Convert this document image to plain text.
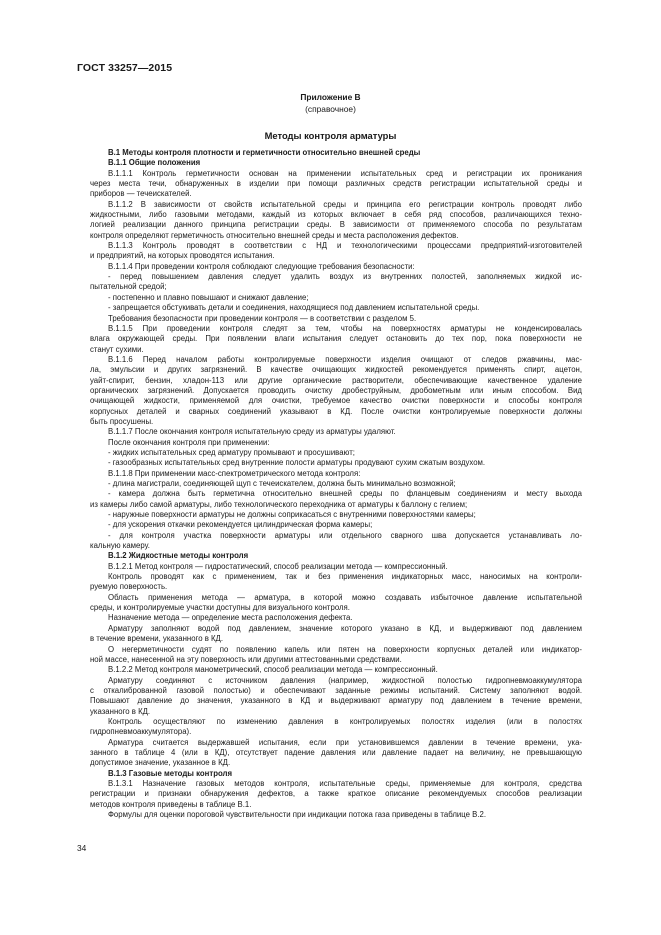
ГОСТ 33257—2015
Приложение В
(справочное)
Методы контроля арматуры
В.1 Методы контроля плотности и герметичности относительно внешней среды
В.1.1 Общие положения
В.1.1.1 Контроль герметичности основан на применении испытательных сред и регистрации их проникания
через места течи, обнаруженных в изделии при помощи различных средств регистрации испытательной среды и
приборов — течеискателей.
В.1.1.2 В зависимости от свойств испытательной среды и принципа его регистрации контроль проводят либо
жидкостными, либо газовыми методами, каждый из которых включает в себя ряд способов, различающихся техно-
логией реализации данного принципа регистрации среды. В зависимости от применяемого способа по результатам
контроля определяют герметичность относительно внешней среды и места расположения дефектов.
В.1.1.3 Контроль проводят в соответствии с НД и технологическими процессами предприятий-изготовителей
и предприятий, на которых проводятся испытания.
В.1.1.4 При проведении контроля соблюдают следующие требования безопасности:
- перед повышением давления следует удалить воздух из внутренних полостей, заполняемых жидкой ис-
пытательной средой;
- постепенно и плавно повышают и снижают давление;
- запрещается обстукивать детали и соединения, находящиеся под давлением испытательной среды.
Требования безопасности при проведении контроля — в соответствии с разделом 5.
В.1.1.5 При проведении контроля следят за тем, чтобы на поверхностях арматуры не конденсировалась
влага окружающей среды. При появлении влаги испытания следует остановить до тех пор, пока поверхности не
станут сухими.
В.1.1.6 Перед началом работы контролируемые поверхности изделия очищают от следов ржавчины, мас-
ла, эмульсии и других загрязнений. В качестве очищающих жидкостей рекомендуется применять спирт, ацетон,
уайт-спирит, бензин, хладон-113 или другие органические растворители, обеспечивающие качественное удаление
органических загрязнений. Допускается проводить очистку дробеструйным, дробометным или иным способом. Вид
очищающей жидкости, применяемой для очистки, требуемое качество очистки поверхности и способы контроля
корпусных деталей и сварных соединений указывают в КД. После очистки контролируемые поверхности должны
быть просушены.
В.1.1.7 После окончания контроля испытательную среду из арматуры удаляют.
После окончания контроля при применении:
- жидких испытательных сред арматуру промывают и просушивают;
- газообразных испытательных сред внутренние полости арматуры продувают сухим сжатым воздухом.
В.1.1.8 При применении масс-спектрометрического метода контроля:
- длина магистрали, соединяющей щуп с течеискателем, должна быть минимально возможной;
- камера должна быть герметична относительно внешней среды по фланцевым соединениям и месту выхода
из камеры либо самой арматуры, либо технологического переходника от арматуры к баллону с гелием;
- наружные поверхности арматуры не должны соприкасаться с внутренними поверхностями камеры;
- для ускорения откачки рекомендуется цилиндрическая форма камеры;
- для контроля участка поверхности арматуры или отдельного сварного шва допускается устанавливать ло-
кальную камеру.
В.1.2 Жидкостные методы контроля
В.1.2.1 Метод контроля — гидростатический, способ реализации метода — компрессионный.
Контроль проводят как с применением, так и без применения индикаторных масс, наносимых на контроли-
руемую поверхность.
Область применения метода — арматура, в которой можно создавать избыточное давление испытательной
среды, и контролируемые участки доступны для визуального контроля.
Назначение метода — определение места расположения дефекта.
Арматуру заполняют водой под давлением, значение которого указано в КД, и выдерживают под давлением
в течение времени, указанного в КД.
О негерметичности судят по появлению капель или пятен на поверхности корпусных деталей или индикатор-
ной массе, нанесенной на эту поверхность или другими аттестованными средствами.
В.1.2.2 Метод контроля манометрический, способ реализации метода — компрессионный.
Арматуру соединяют с источником давления (например, жидкостной полостью гидропневмоаккумулятора
с откалиброванной газовой полостью) и обеспечивают заданные режимы испытаний. Систему заполняют водой.
Повышают давление до значения, указанного в КД и выдерживают арматуру под давлением в течение времени,
указанного в КД.
Контроль осуществляют по изменению давления в контролируемых полостях изделия (или в полостях
гидропневмоаккумулятора).
Арматура считается выдержавшей испытания, если при установившемся давлении в течение времени, ука-
занного в таблице 4 (или в КД), отсутствует падение давления или давление падает на величину, не превышающую
допустимое значение, указанное в КД.
В.1.3 Газовые методы контроля
В.1.3.1 Назначение газовых методов контроля, испытательные среды, применяемые для контроля, средства
регистрации и признаки обнаружения дефектов, а также краткое описание рекомендуемых способов реализации
методов контроля приведены в таблице В.1.
Формулы для оценки пороговой чувствительности при индикации потока газа приведены в таблице В.2.
34
